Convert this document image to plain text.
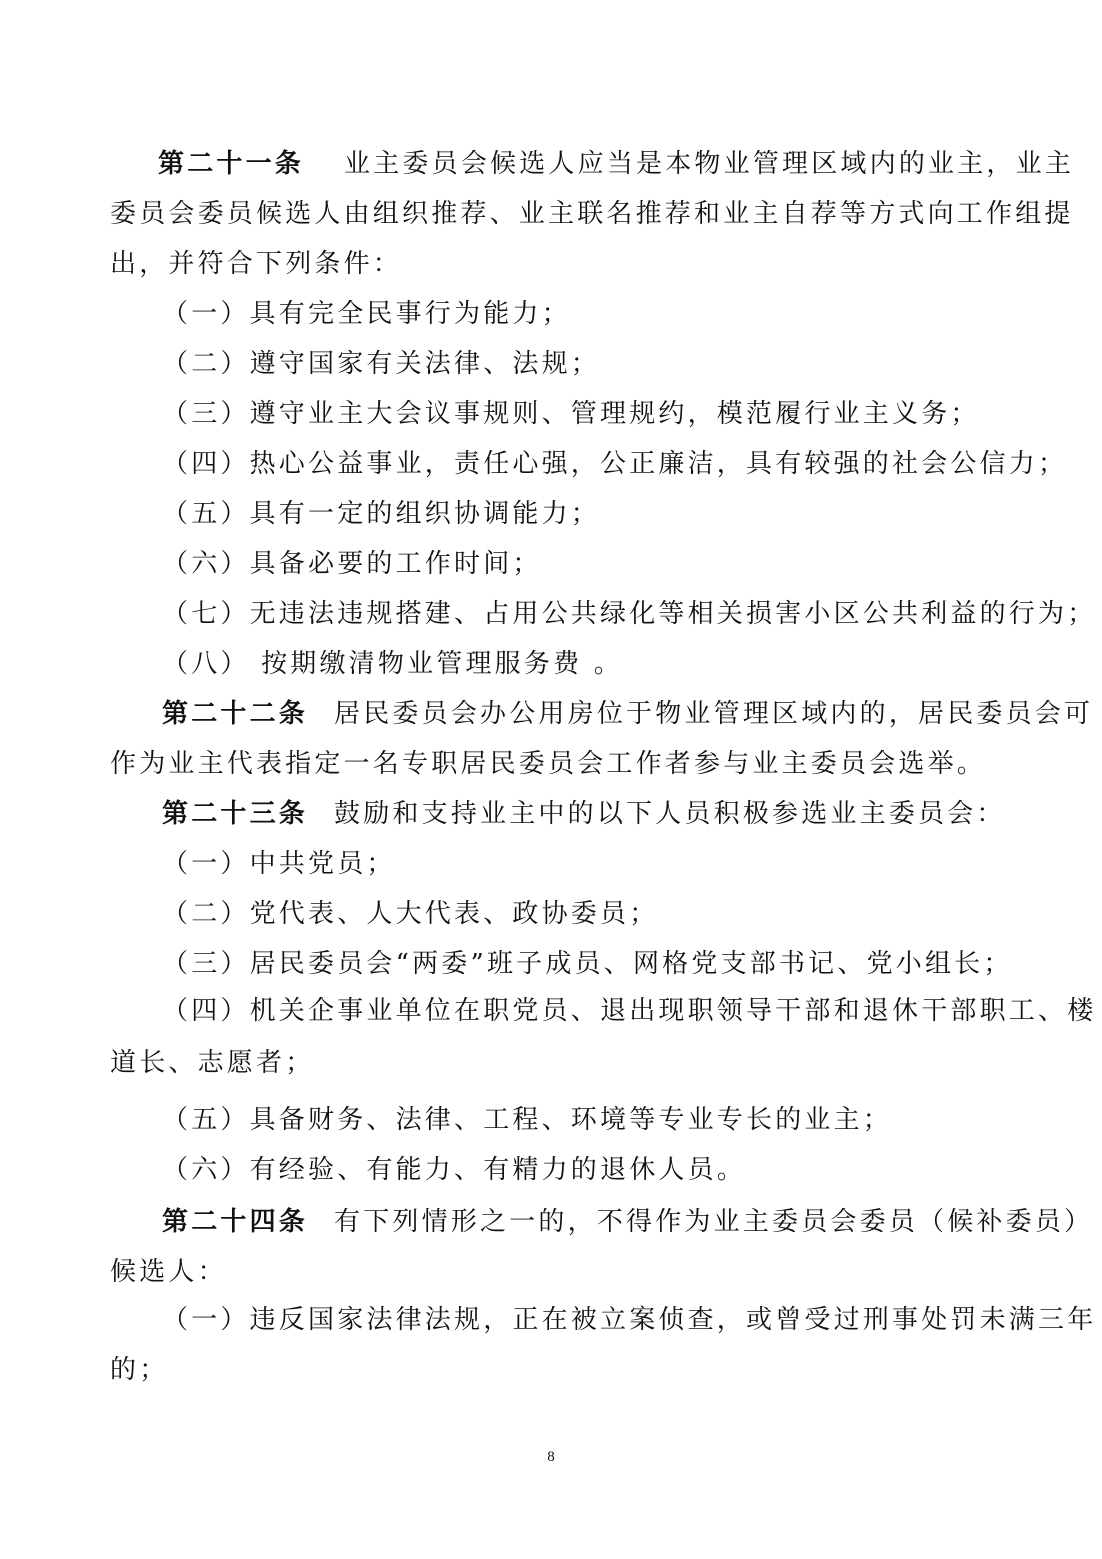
第二十一条 业主委员会候选人应当是本物业管理区域内的业主，业主
委员会委员候选人由组织推荐、业主联名推荐和业主自荐等方式向工作组提
出，并符合下列条件：
（一）具有完全民事行为能力；
（二）遵守国家有关法律、法规；
（三）遵守业主大会议事规则、管理规约，模范履行业主义务；
（四）热心公益事业，责任心强，公正廉洁，具有较强的社会公信力；
（五）具有一定的组织协调能力；
（六）具备必要的工作时间；
（七）无违法违规搭建、占用公共绿化等相关损害小区公共利益的行为；
（八） 按期缴清物业管理服务费 。
第二十二条 居民委员会办公用房位于物业管理区域内的，居民委员会可
作为业主代表指定一名专职居民委员会工作者参与业主委员会选举。
第二十三条 鼓励和支持业主中的以下人员积极参选业主委员会：
（一）中共党员；
（二）党代表、人大代表、政协委员；
（三）居民委员会“两委”班子成员、网格党支部书记、党小组长；
（四）机关企事业单位在职党员、退出现职领导干部和退休干部职工、楼
道长、志愿者；
（五）具备财务、法律、工程、环境等专业专长的业主；
（六）有经验、有能力、有精力的退休人员。
第二十四条 有下列情形之一的，不得作为业主委员会委员（候补委员）
候选人：
（一）违反国家法律法规，正在被立案侦查，或曾受过刑事处罚未满三年
的；
8
